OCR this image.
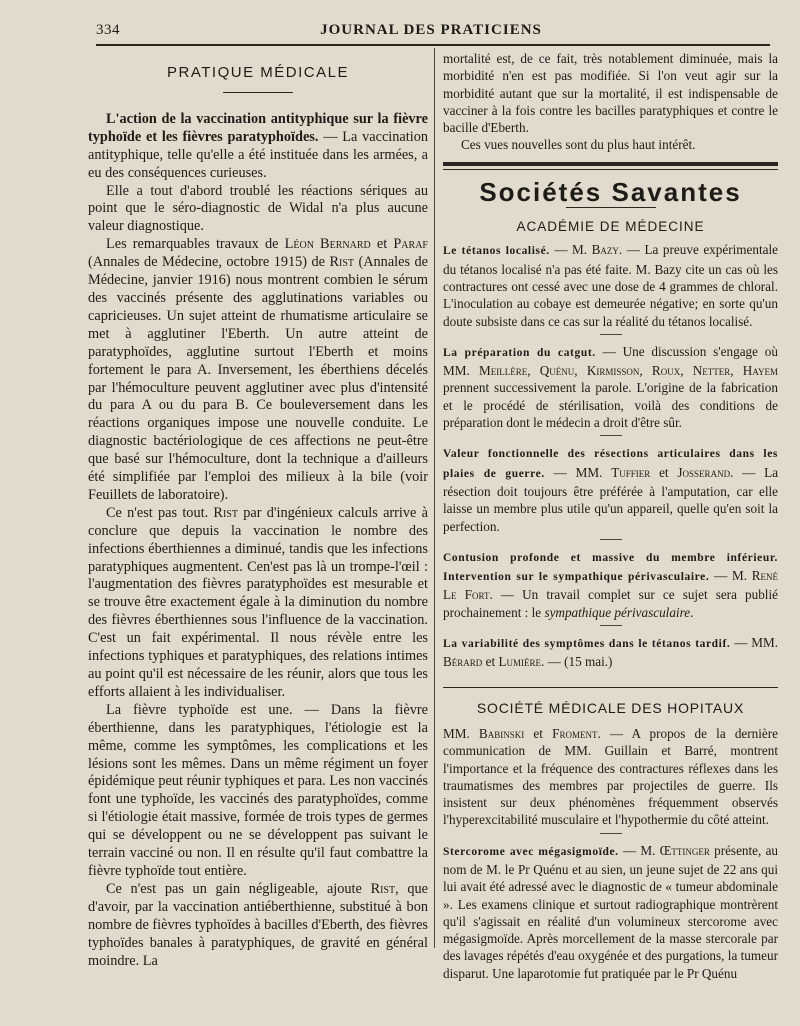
334	JOURNAL DES PRATICIENS
PRATIQUE MÉDICALE

L'action de la vaccination antityphique sur la fièvre typhoïde et les fièvres paratyphoïdes. — La vaccination antityphique, telle qu'elle a été instituée dans les armées, a eu des conséquences curieuses.

Elle a tout d'abord troublé les réactions sériques au point que le séro-diagnostic de Widal n'a plus aucune valeur diagnostique.

Les remarquables travaux de Léon Bernard et Paraf (Annales de Médecine, octobre 1915) de Rist (Annales de Médecine, janvier 1916) nous montrent combien le sérum des vaccinés présente des agglutinations variables ou capricieuses. Un sujet atteint de rhumatisme articulaire se met à agglutiner l'Eberth. Un autre atteint de paratyphoïdes, agglutine surtout l'Eberth et moins fortement le para A. Inversement, les éberthiens décelés par l'hémoculture peuvent agglutiner avec plus d'intensité du para A ou du para B. Ce bouleversement dans les réactions organiques impose une nouvelle conduite. Le diagnostic bactériologique de ces affections ne peut-être que basé sur l'hémoculture, dont la technique a d'ailleurs été simplifiée par l'emploi des milieux à la bile (voir Feuillets de laboratoire).

Ce n'est pas tout. Rist par d'ingénieux calculs arrive à conclure que depuis la vaccination le nombre des infections éberthiennes a diminué, tandis que les infections paratyphiques augmentent. Cen'est pas là un trompe-l'œil : l'augmentation des fièvres paratyphoïdes est mesurable et se trouve être exactement égale à la diminution du nombre des fièvres éberthiennes sous l'influence de la vaccination. C'est un fait expérimental. Il nous révèle entre les infections typhiques et paratyphiques, des relations intimes au point qu'il est nécessaire de les réunir, alors que tous les efforts allaient à les individualiser.

La fièvre typhoïde est une. — Dans la fièvre éberthienne, dans les paratyphiques, l'étiologie est la même, comme les symptômes, les complications et les lésions sont les mêmes. Dans un même régiment un foyer épidémique peut réunir typhiques et para. Les non vaccinés font une typhoïde, les vaccinés des paratyphoïdes, comme si l'étiologie était massive, formée de trois types de germes qui se développent ou ne se développent pas suivant le terrain vacciné ou non. Il en résulte qu'il faut combattre la fièvre typhoïde tout entière.

Ce n'est pas un gain négligeable, ajoute Rist, que d'avoir, par la vaccination antiéberthienne, substitué à bon nombre de fièvres typhoïdes à bacilles d'Eberth, des fièvres typhoïdes banales à paratyphiques, de gravité en général moindre. La

mortalité est, de ce fait, très notablement diminuée, mais la morbidité n'en est pas modifiée. Si l'on veut agir sur la morbidité autant que sur la mortalité, il est indispensable de vacciner à la fois contre les bacilles paratyphiques et contre le bacille d'Eberth.

Ces vues nouvelles sont du plus haut intérêt.

Sociétés Savantes
ACADÉMIE DE MÉDECINE

Le tétanos localisé. — M. Bazy. — La preuve expérimentale du tétanos localisé n'a pas été faite. M. Bazy cite un cas où les contractures ont cessé avec une dose de 4 grammes de chloral. L'inoculation au cobaye est demeurée négative; en sorte qu'un doute subsiste dans ce cas sur la réalité du tétanos localisé.

La préparation du catgut. — Une discussion s'engage où MM. Meillère, Quénu, Kirmisson, Roux, Netter, Hayem prennent successivement la parole. L'origine de la fabrication et le procédé de stérilisation, voilà des conditions de préparation dont le médecin a droit d'être sûr.

Valeur fonctionnelle des résections articulaires dans les plaies de guerre. — MM. Tuffier et Josserand. — La résection doit toujours être préférée à l'amputation, car elle laisse un membre plus utile qu'un appareil, quelle qu'en soit la perfection.

Contusion profonde et massive du membre inférieur. Intervention sur le sympathique périvasculaire. — M. René Le Fort. — Un travail complet sur ce sujet sera publié prochainement : le sympathique périvasculaire.

La variabilité des symptômes dans le tétanos tardif. — MM. Bérard et Lumière. — (15 mai.)

SOCIÉTÉ MÉDICALE DES HOPITAUX

MM. Babinski et Froment. — A propos de la dernière communication de MM. Guillain et Barré, montrent l'importance et la fréquence des contractures réflexes dans les traumatismes des membres par projectiles de guerre. Ils insistent sur deux phénomènes fréquemment observés l'hyperexcitabilité musculaire et l'hypothermie du côté atteint.

Stercorome avec mégasigmoïde. — M. Œttinger présente, au nom de M. le Pr Quénu et au sien, un jeune sujet de 22 ans qui lui avait été adressé avec le diagnostic de « tumeur abdominale ». Les examens clinique et surtout radiographique montrèrent qu'il s'agissait en réalité d'un volumineux stercorome avec mégasigmoïde. Après morcellement de la masse stercorale par des lavages répétés d'eau oxygénée et des purgations, la tumeur disparut. Une laparotomie fut pratiquée par le Pr Quénu
